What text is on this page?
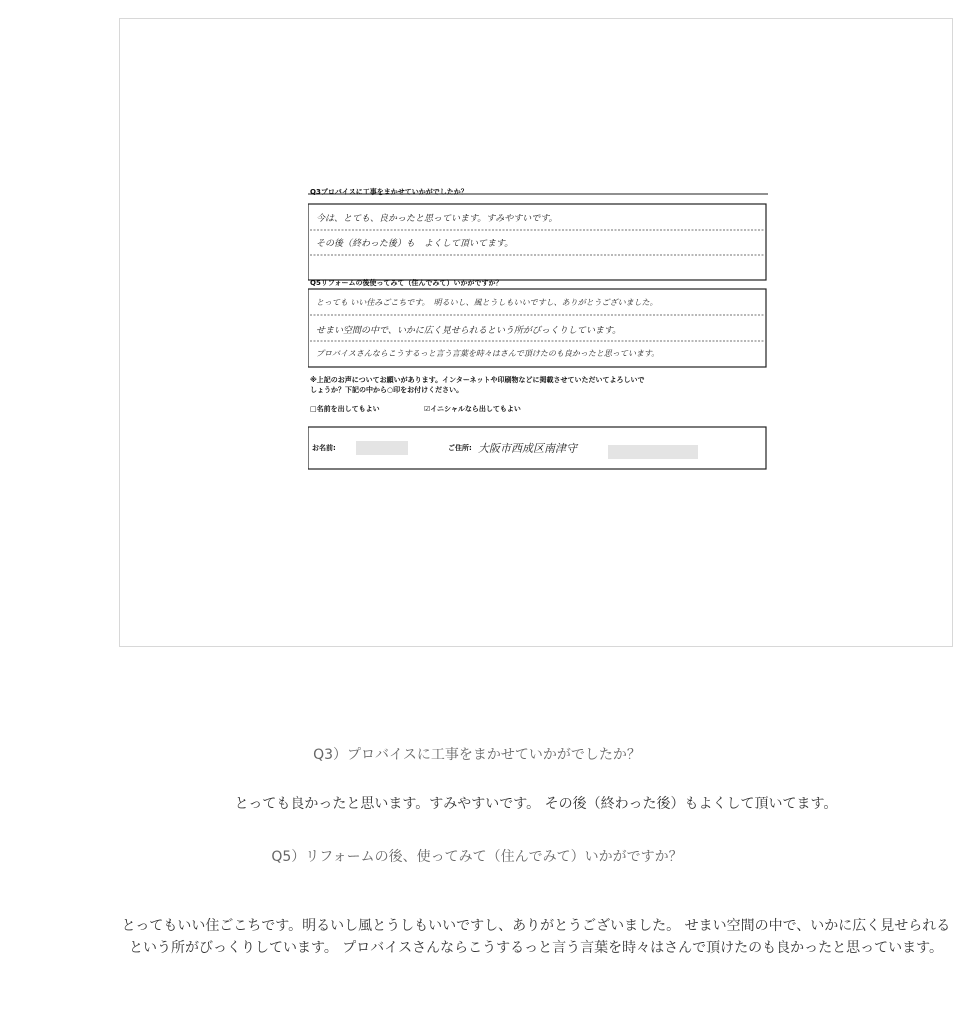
Q3プロバイスに工事をまかせていかがでしたか？
今は、とても、良かったと思っています。すみやすいです。
その後（終わった後）も　よくして頂いてます。
Q5リフォームの後使ってみて（住んでみて）いかがですか？
とっても いい住みごこちです。　明るいし、風とうしもいいですし、ありがとうございました。
せまい空間の中で、いかに広く見せられるという所がびっくりしています。
プロバイスさんならこうするっと言う言葉を時々はさんで頂けたのも良かったと思っています。
※上記のお声についてお願いがあります。インターネットや印刷物などに掲載させていただいてよろしいで
しょうか？下記の中から○印をお付けください。
□名前を出してもよい	☑イニシャルなら出してもよい
お名前:	ご住所: 大阪市西成区南津守
Q3）プロバイスに工事をまかせていかがでしたか？
とっても良かったと思います。すみやすいです。 その後（終わった後）もよくして頂いてます。
Q5）リフォームの後、使ってみて（住んでみて）いかがですか？
とってもいい住ごこちです。明るいし風とうしもいいですし、ありがとうございました。 せまい空間の中で、いかに広く見せられるという所がびっくりしています。 プロバイスさんならこうするっと言う言葉を時々はさんで頂けたのも良かったと思っています。
